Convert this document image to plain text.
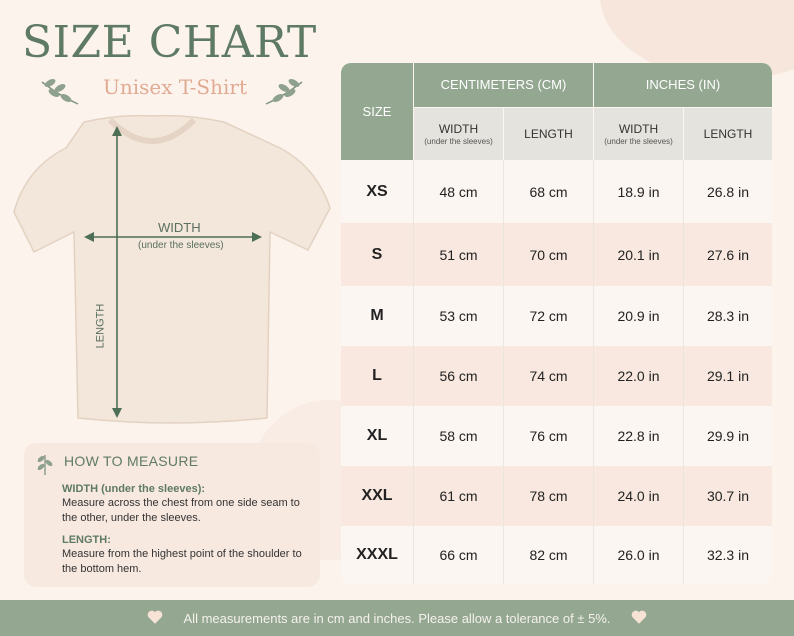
SIZE CHART
Unisex T-Shirt
WIDTH
(under the sleeves)
LENGTH
HOW TO MEASURE
WIDTH (under the sleeves):
Measure across the chest from one side seam to the other, under the sleeves.
LENGTH:
Measure from the highest point of the shoulder to the bottom hem.
SIZE
CENTIMETERS (CM)	INCHES (IN)
WIDTH
(under the sleeves)
LENGTH	WIDTH
(under the sleeves)
LENGTH
XS	48 cm	68 cm	18.9 in	26.8 in
S	51 cm	70 cm	20.1 in	27.6 in
M	53 cm	72 cm	20.9 in	28.3 in
L	56 cm	74 cm	22.0 in	29.1 in
XL	58 cm	76 cm	22.8 in	29.9 in
XXL	61 cm	78 cm	24.0 in	30.7 in
XXXL	66 cm	82 cm	26.0 in	32.3 in
All measurements are in cm and inches. Please allow a tolerance of ± 5%.
